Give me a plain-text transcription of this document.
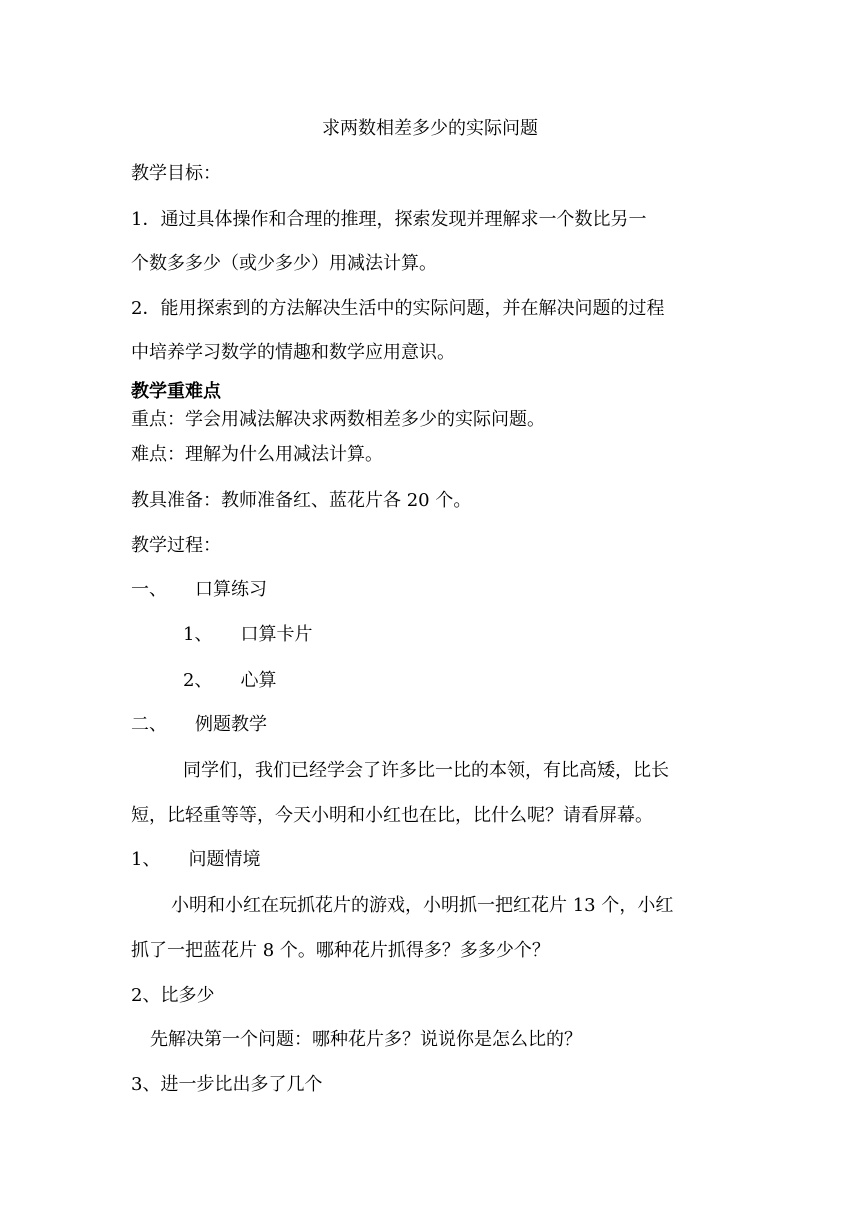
求两数相差多少的实际问题

教学目标：

1．通过具体操作和合理的推理，探索发现并理解求一个数比另一

个数多多少（或少多少）用减法计算。

2．能用探索到的方法解决生活中的实际问题，并在解决问题的过程

中培养学习数学的情趣和数学应用意识。

教学重难点

重点：学会用减法解决求两数相差多少的实际问题。

难点：理解为什么用减法计算。

教具准备：教师准备红、蓝花片各 20 个。

教学过程：

一、 口算练习

1、 口算卡片

2、 心算

二、 例题教学

同学们，我们已经学会了许多比一比的本领，有比高矮，比长

短，比轻重等等，今天小明和小红也在比，比什么呢？请看屏幕。

1、 问题情境

小明和小红在玩抓花片的游戏，小明抓一把红花片 13 个，小红

抓了一把蓝花片 8 个。哪种花片抓得多？多多少个？

2、比多少

先解决第一个问题：哪种花片多？说说你是怎么比的？

3、进一步比出多了几个
